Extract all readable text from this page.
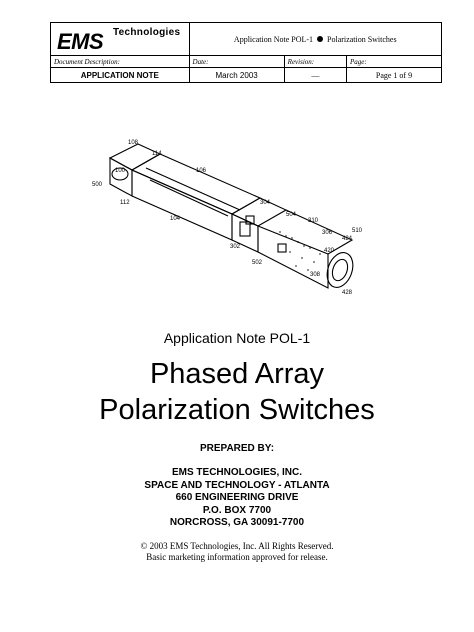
EMS Technologies	Application Note POL-1 Polarization Switches		
Document Description:	Date:	Revision:	Page:
APPLICATION NOTE	March 2003	—	Page 1 of 9
108
114
106
100
500
112
104
304
504
310
306	510
424
302
502
420
308
428
Application Note POL-1
Phased Array
Polarization Switches
PREPARED BY:
EMS TECHNOLOGIES, INC.
SPACE AND TECHNOLOGY - ATLANTA
660 ENGINEERING DRIVE
P.O. BOX 7700
NORCROSS, GA 30091-7700
© 2003 EMS Technologies, Inc. All Rights Reserved.
Basic marketing information approved for release.
